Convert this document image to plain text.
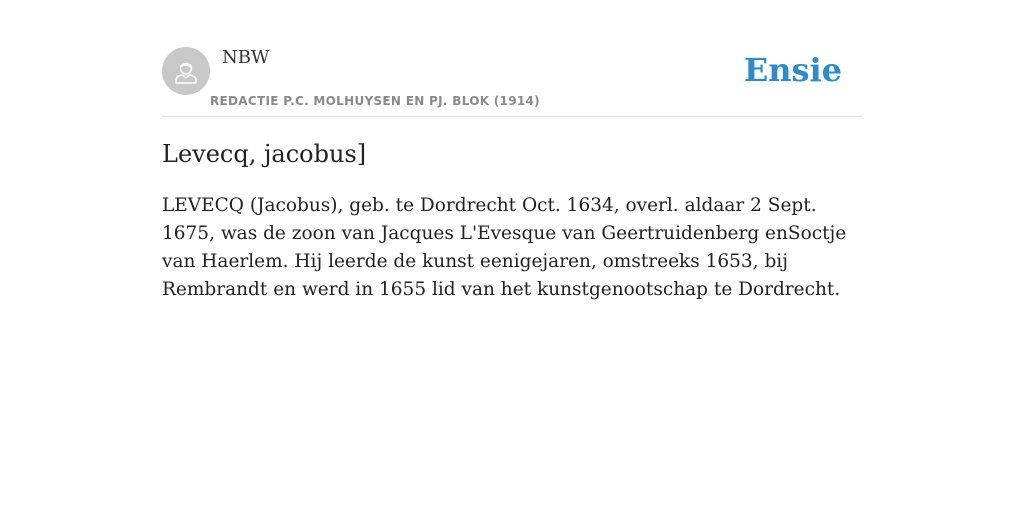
NBW
REDACTIE P.C. MOLHUYSEN EN PJ. BLOK (1914)
Ensie
Levecq, jacobus]

LEVECQ (Jacobus), geb. te Dordrecht Oct. 1634, overl. aldaar 2 Sept. 1675, was de zoon van Jacques L'Evesque van Geertruidenberg enSoctje van Haerlem. Hij leerde de kunst eenigejaren, omstreeks 1653, bij Rembrandt en werd in 1655 lid van het kunstgenootschap te Dordrecht.
